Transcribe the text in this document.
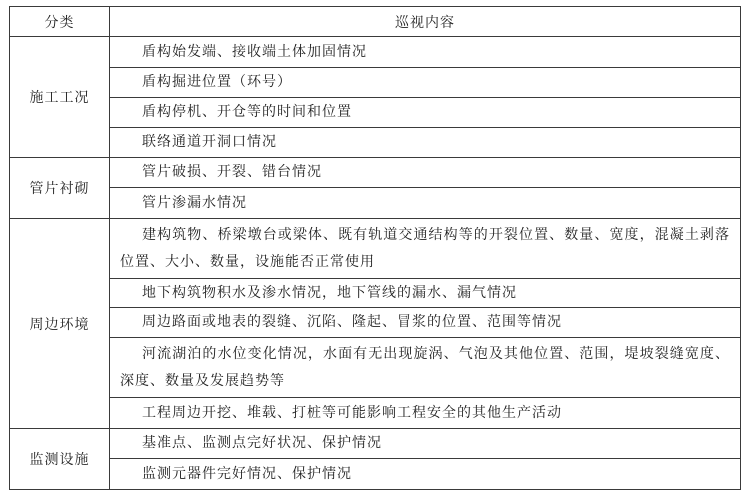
分类	巡视内容
施工工况	盾构始发端、接收端土体加固情况
	盾构掘进位置（环号）
	盾构停机、开仓等的时间和位置
	联络通道开洞口情况
管片衬砌	管片破损、开裂、错台情况
	管片渗漏水情况
周边环境	建构筑物、桥梁墩台或梁体、既有轨道交通结构等的开裂位置、数量、宽度，混凝土剥落位置、大小、数量，设施能否正常使用
	地下构筑物积水及渗水情况，地下管线的漏水、漏气情况
	周边路面或地表的裂缝、沉陷、隆起、冒浆的位置、范围等情况
	河流湖泊的水位变化情况，水面有无出现旋涡、气泡及其他位置、范围，堤坡裂缝宽度、深度、数量及发展趋势等
	工程周边开挖、堆载、打桩等可能影响工程安全的其他生产活动
监测设施	基准点、监测点完好状况、保护情况
	监测元器件完好情况、保护情况
